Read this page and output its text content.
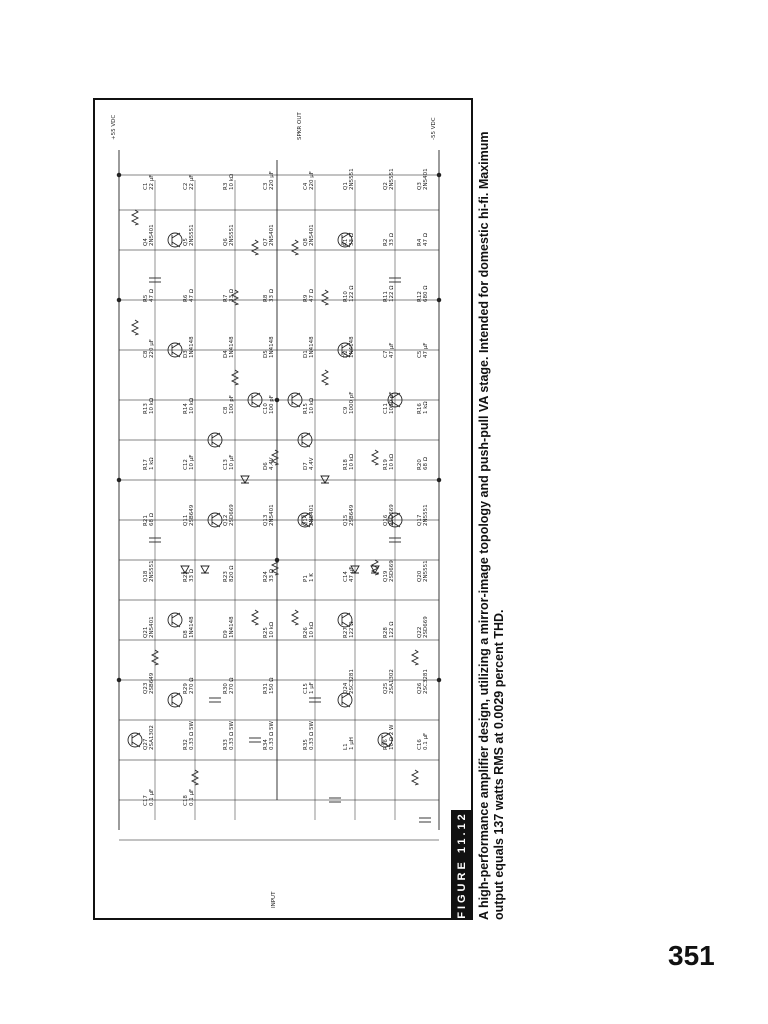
C1 22 µF	C2 22 µF	R3 10 kΩ	C3 220 µF	C4 220 µF	Q1 2N5551	Q2 2N5551	Q3 2N5401
Q4 2N5401	Q5 2N5551	Q6 2N5551	Q7 2N5401	Q8 2N5401	R1 33 Ω	R2 33 Ω	R4 47 Ω
R5 47 Ω	R6 47 Ω	R7 33 Ω	R8 33 Ω	R9 47 Ω	R10 122 Ω	R11 122 Ω	R12 680 Ω
C8 220 µF	D3 1N4148	D4 1N4148	D5 1N4148	D1 1N4148	D2 1N4148	C7 47 µF	C5 47 µF
R13 10 kΩ	R14 10 kΩ	C8 100 pF	C10 100 pF	R15 10 kΩ	C9 1000 pF	C11 1000 pF	R16 1 kΩ
R17 1 kΩ	C12 10 µF	C13 10 µF	D6 4.4V	D7 4.4V	R18 10 kΩ	R19 10 kΩ	R20 68 Ω
R21 68 Ω	Q11 2SB649	Q12 2SD669	Q13 2N5401	Q14 2N5401	Q15 2SB649	Q16 2SD669	Q17 2N5551
Q18 2N5551	R22 33 Ω	R23 820 Ω	R24 33 Ω	P1 1 K	C14 47 µF	Q19 2SD669	Q20 2N5551
Q21 2N5401	D8 1N4148	D9 1N4148	R25 10 kΩ	R26 10 kΩ	R27 122 Ω	R28 122 Ω	Q22 2SD669
Q23 2SB649	R29 270 Ω	R30 270 Ω	R31 150 Ω	C15 1 µF	Q24 2SC3281	Q25 2SA1302	Q26 2SC3281
Q27 2SA1302	R32 0.33 Ω 5W	R33 0.33 Ω 5W	R34 0.33 Ω 5W	R35 0.33 Ω 5W	L1 1 µH	R36 10 Ω 2 W	C16 0.1 µF
C17 0.1 µF	C18 0.1 µF
+55 VDC	-55 VDC
SPKR OUT
INPUT	FIGURE 11.12 A high-performance amplifier design, utilizing a mirror-image topology and push-pull VA stage. Intended for domestic hi-fi. Maximum output equals 137 watts RMS at 0.0029 percent THD.
351
